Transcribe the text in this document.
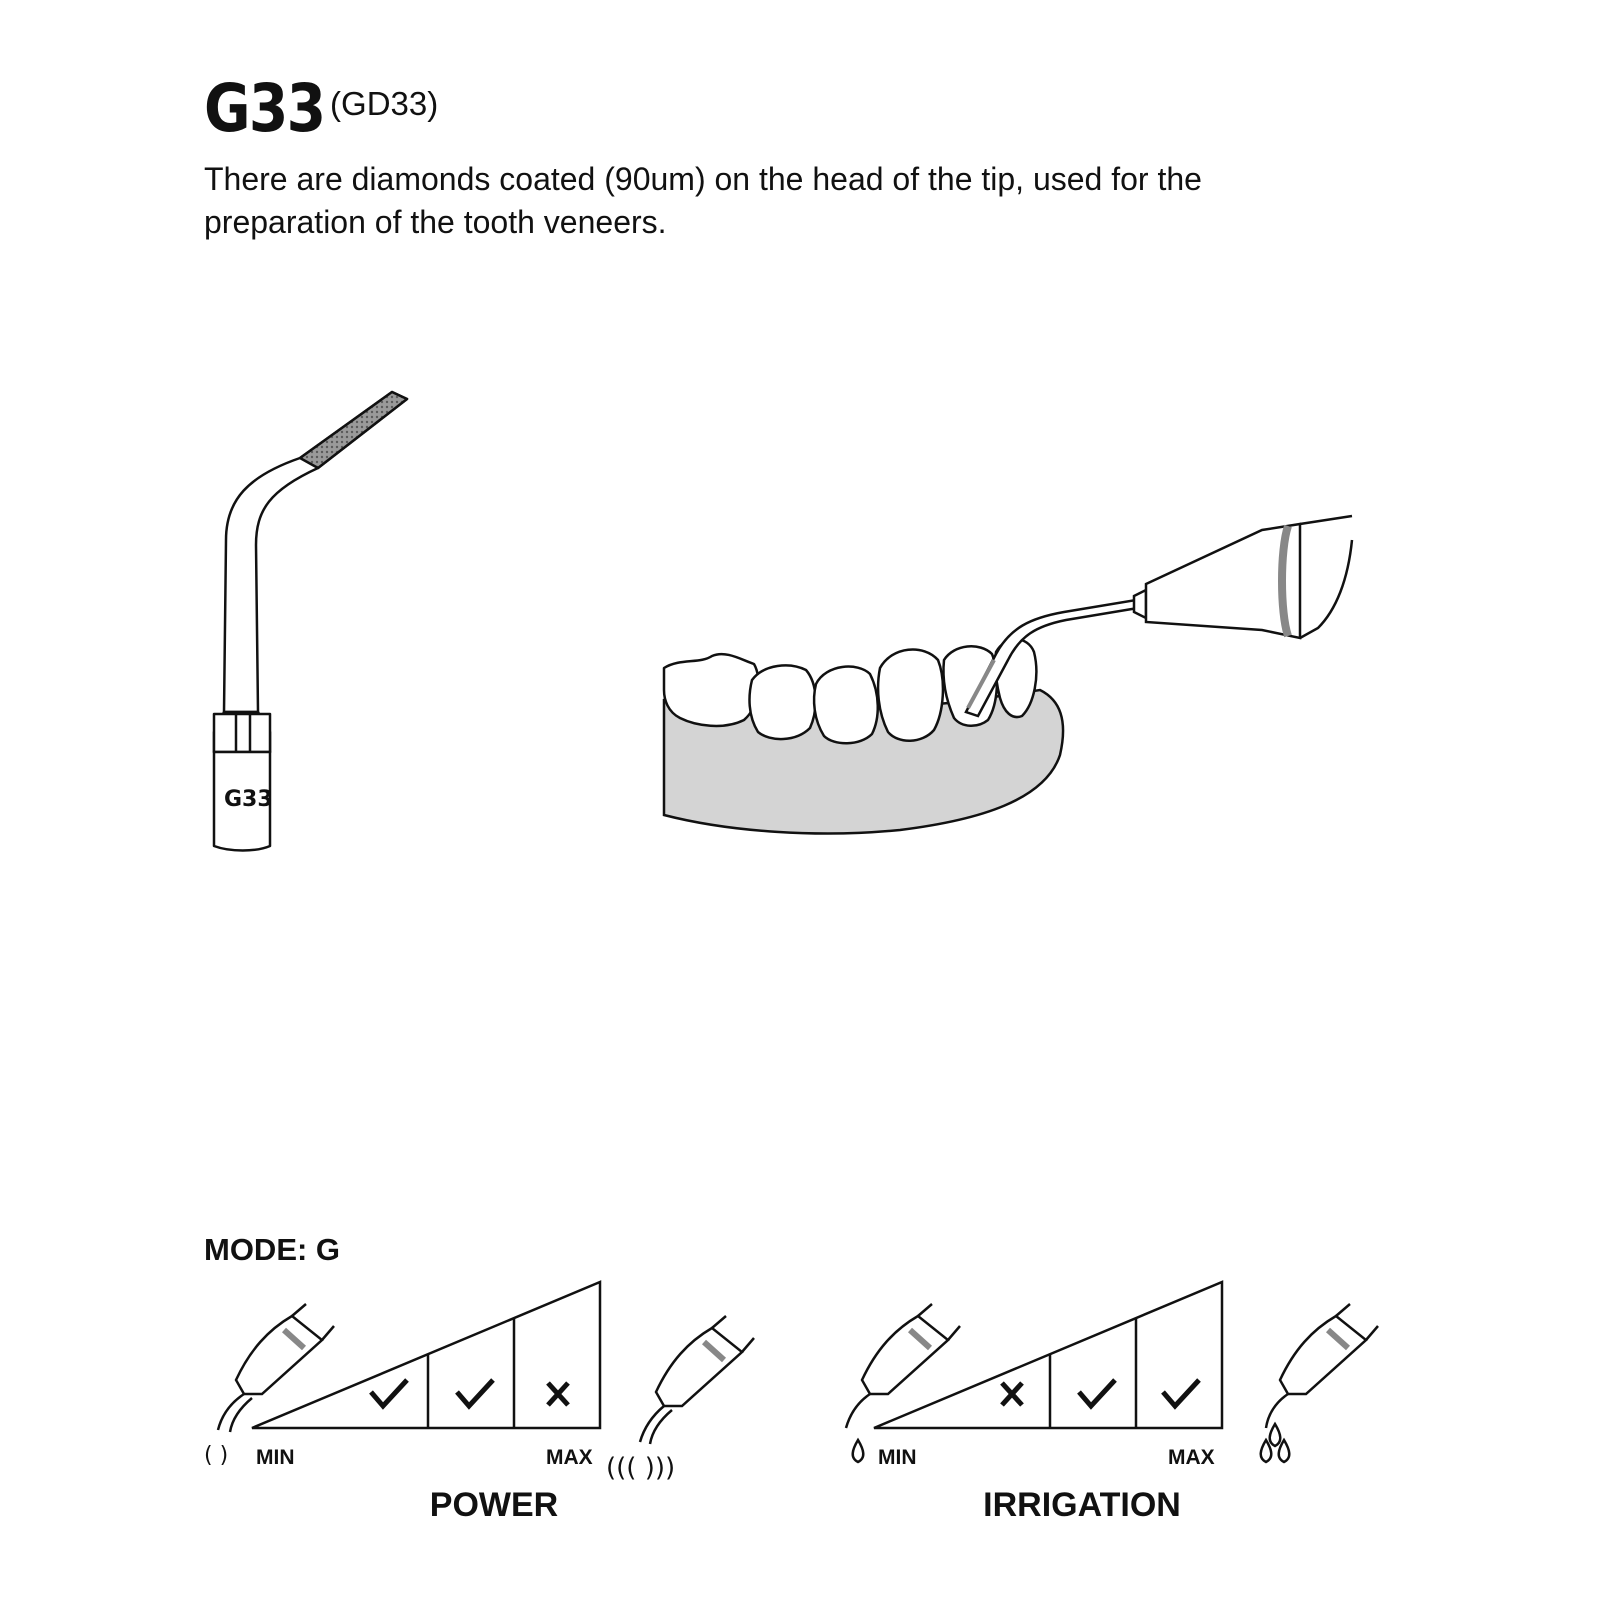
G33 (GD33)
There are diamonds coated (90um) on the head of the tip, used for the preparation of the tooth veneers.
MODE: G
G33
( ) MIN	MAX
POWER
((( )))	MIN	MAX
IRRIGATION
